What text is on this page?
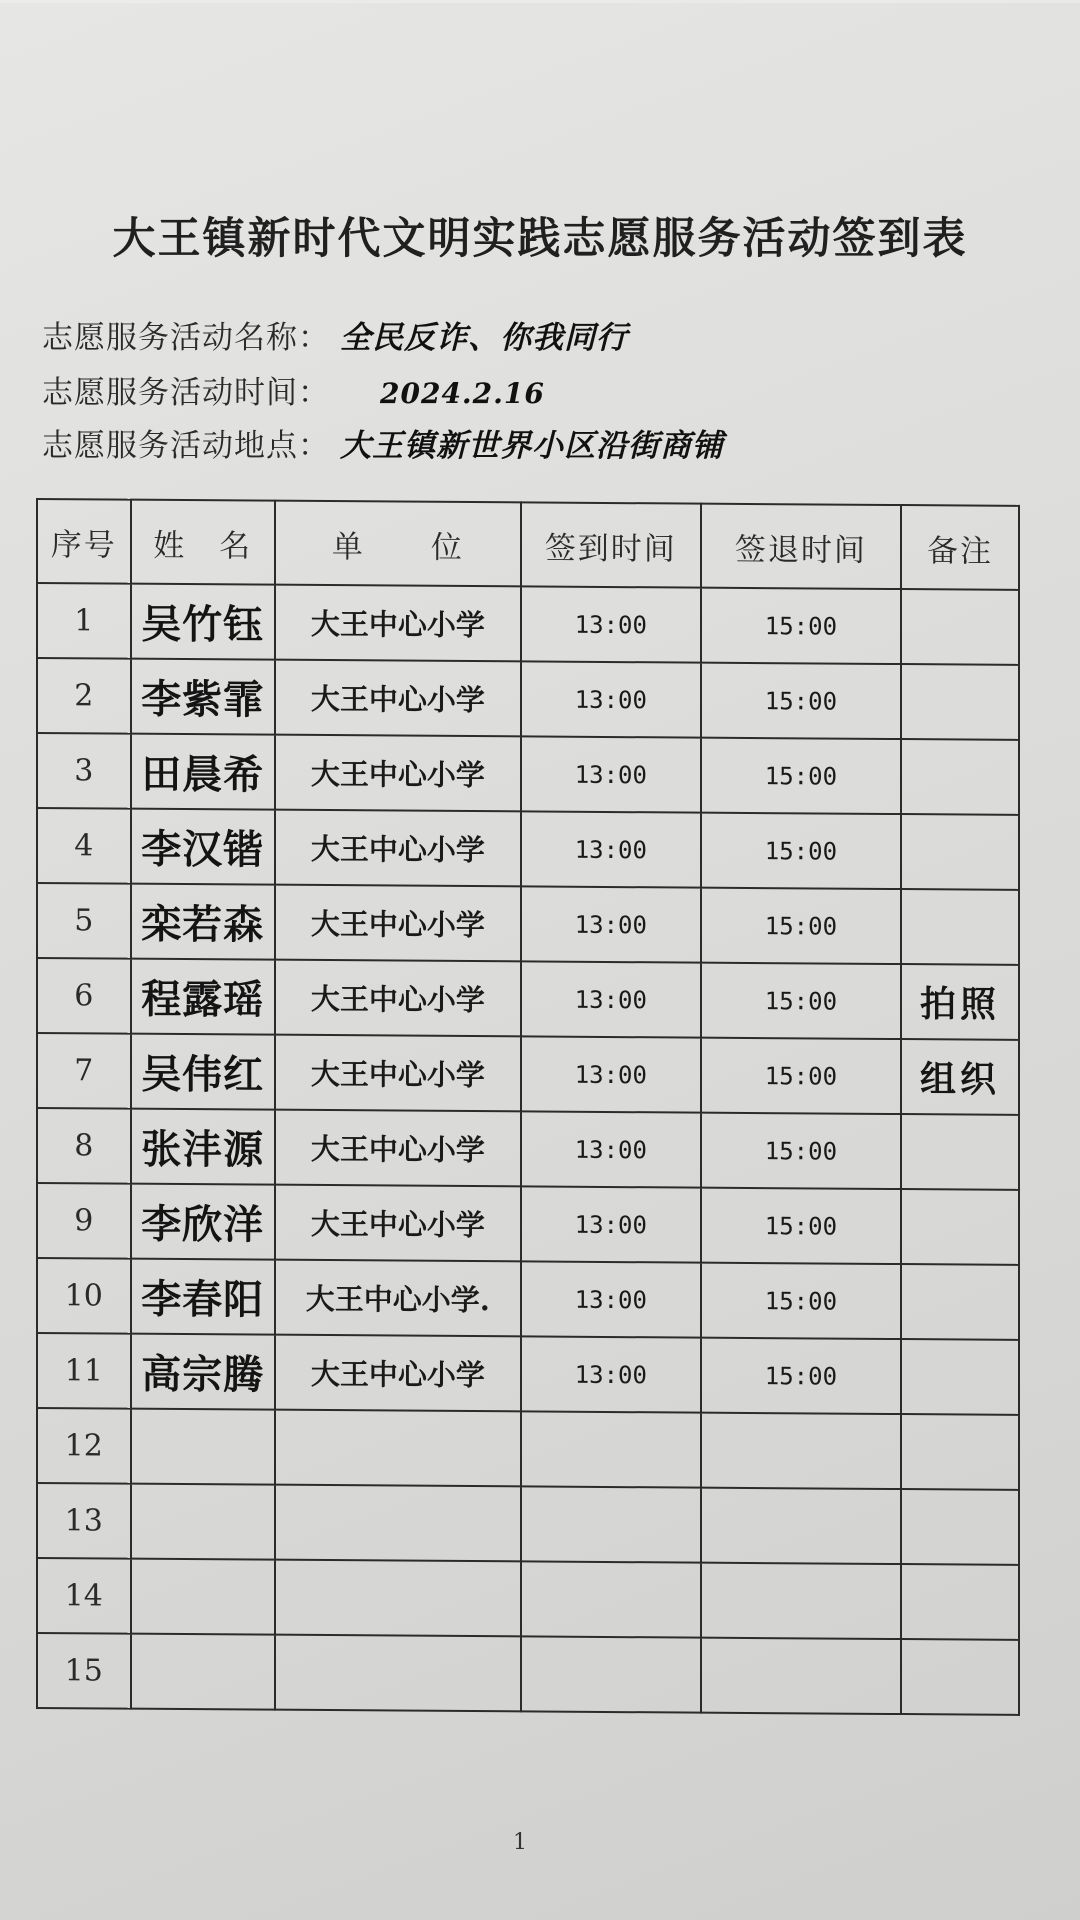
大王镇新时代文明实践志愿服务活动签到表
志愿服务活动名称： 全民反诈、你我同行
志愿服务活动时间： 2024.2.16
志愿服务活动地点： 大王镇新世界小区沿街商铺
序号	姓　名	单　　位	签到时间	签退时间	备注
1	吴竹钰	大王中心小学	13:00	15:00	
2	李紫霏	大王中心小学	13:00	15:00	
3	田晨希	大王中心小学	13:00	15:00	
4	李汉锴	大王中心小学	13:00	15:00	
5	栾若森	大王中心小学	13:00	15:00	
6	程露瑶	大王中心小学	13:00	15:00	拍照
7	吴伟红	大王中心小学	13:00	15:00	组织
8	张沣源	大王中心小学	13:00	15:00	
9	李欣洋	大王中心小学	13:00	15:00	
10	李春阳	大王中心小学.	13:00	15:00	
11	高宗腾	大王中心小学	13:00	15:00	
12					
13					
14					
15					
1
